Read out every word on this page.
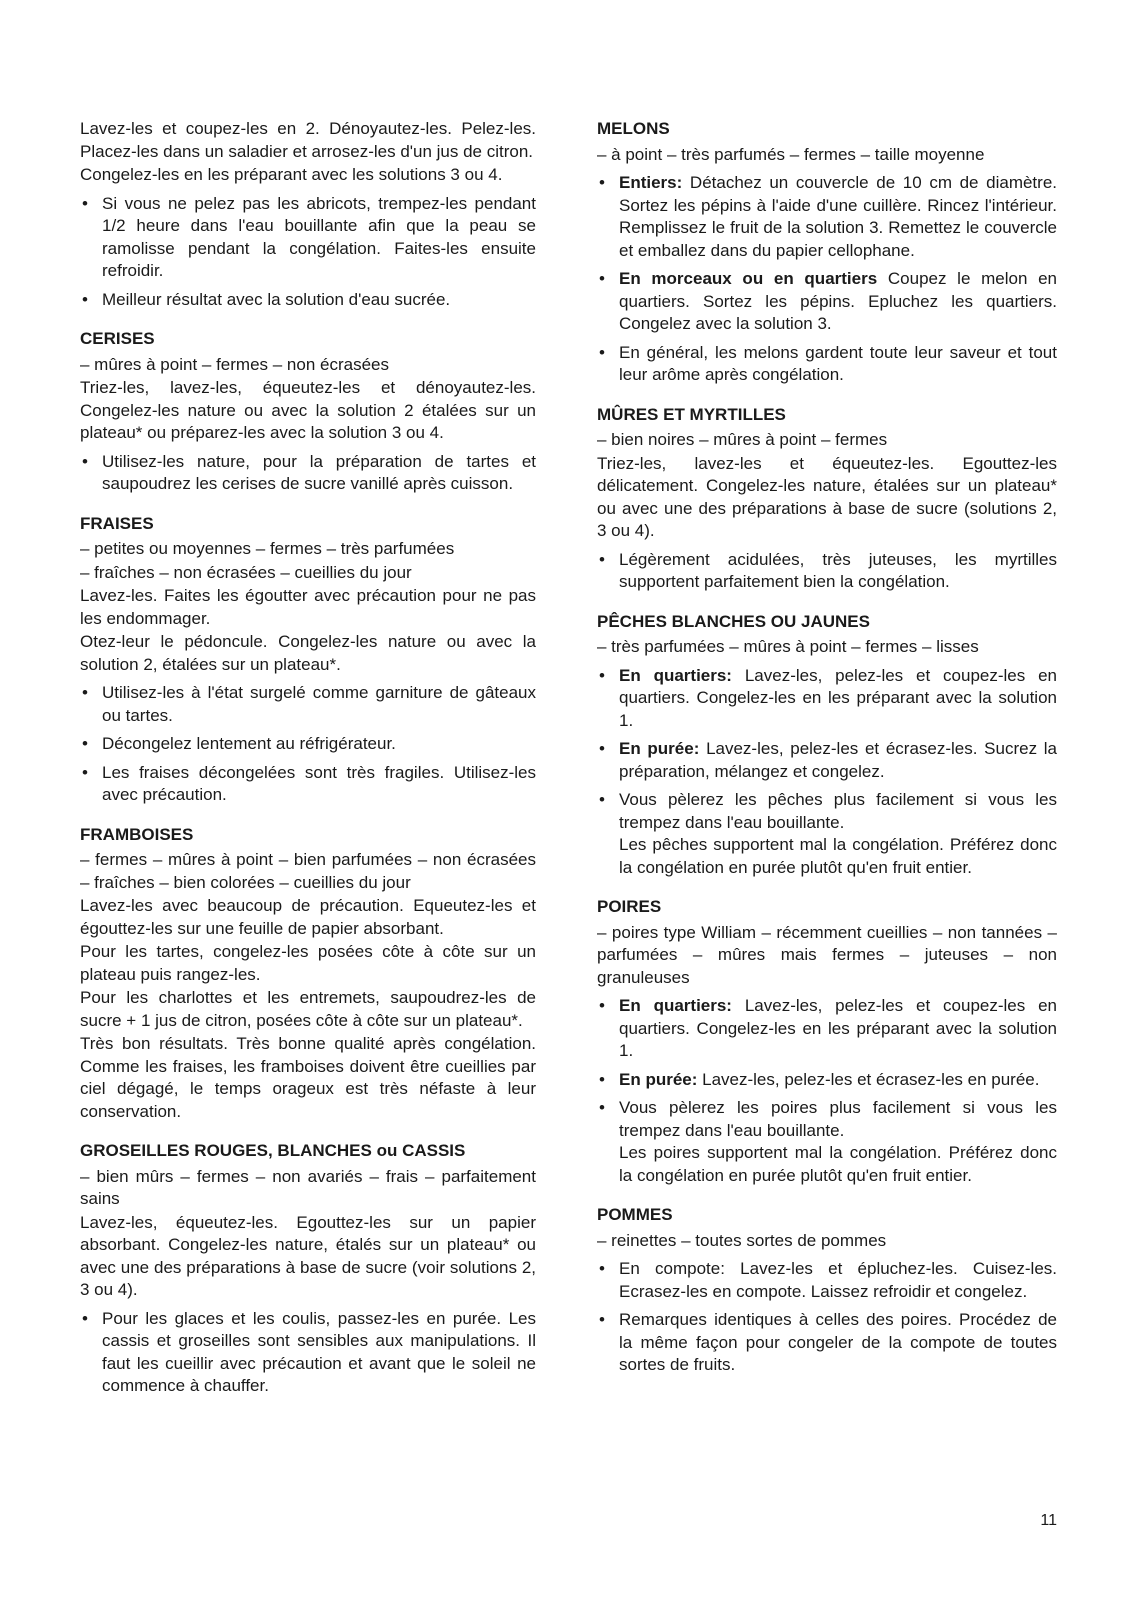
Lavez-les et coupez-les en 2. Dénoyautez-les. Pelez-les. Placez-les dans un saladier et arrosez-les d'un jus de citron.

Congelez-les en les préparant avec les solutions 3 ou 4.

• Si vous ne pelez pas les abricots, trempez-les pendant 1/2 heure dans l'eau bouillante afin que la peau se ramolisse pendant la congélation. Faites-les ensuite refroidir.
• Meilleur résultat avec la solution d'eau sucrée.
CERISES

– mûres à point – fermes – non écrasées

Triez-les, lavez-les, équeutez-les et dénoyautez-les. Congelez-les nature ou avec la solution 2 étalées sur un plateau* ou préparez-les avec la solution 3 ou 4.

• Utilisez-les nature, pour la préparation de tartes et saupoudrez les cerises de sucre vanillé après cuisson.
FRAISES

– petites ou moyennes – fermes – très parfumées

– fraîches – non écrasées – cueillies du jour

Lavez-les. Faites les égoutter avec précaution pour ne pas les endommager.

Otez-leur le pédoncule. Congelez-les nature ou avec la solution 2, étalées sur un plateau*.

• Utilisez-les à l'état surgelé comme garniture de gâteaux ou tartes.
• Décongelez lentement au réfrigérateur.
• Les fraises décongelées sont très fragiles. Utilisez-les avec précaution.
FRAMBOISES

– fermes – mûres à point – bien parfumées – non écrasées – fraîches – bien colorées – cueillies du jour

Lavez-les avec beaucoup de précaution. Equeutez-les et égouttez-les sur une feuille de papier absorbant.

Pour les tartes, congelez-les posées côte à côte sur un plateau puis rangez-les.

Pour les charlottes et les entremets, saupoudrez-les de sucre + 1 jus de citron, posées côte à côte sur un plateau*.

Très bon résultats. Très bonne qualité après congélation. Comme les fraises, les framboises doivent être cueillies par ciel dégagé, le temps orageux est très néfaste à leur conservation.

GROSEILLES ROUGES, BLANCHES ou CASSIS

– bien mûrs – fermes – non avariés – frais – parfaitement sains

Lavez-les, équeutez-les. Egouttez-les sur un papier absorbant. Congelez-les nature, étalés sur un plateau* ou avec une des préparations à base de sucre (voir solutions 2, 3 ou 4).

• Pour les glaces et les coulis, passez-les en purée. Les cassis et groseilles sont sensibles aux manipulations. Il faut les cueillir avec précaution et avant que le soleil ne commence à chauffer.
MELONS

– à point – très parfumés – fermes – taille moyenne

• Entiers: Détachez un couvercle de 10 cm de diamètre. Sortez les pépins à l'aide d'une cuillère. Rincez l'intérieur. Remplissez le fruit de la solution 3. Remettez le couvercle et emballez dans du papier cellophane.
• En morceaux ou en quartiers Coupez le melon en quartiers. Sortez les pépins. Epluchez les quartiers. Congelez avec la solution 3.
• En général, les melons gardent toute leur saveur et tout leur arôme après congélation.
MÛRES ET MYRTILLES

– bien noires – mûres à point – fermes

Triez-les, lavez-les et équeutez-les. Egouttez-les délicatement. Congelez-les nature, étalées sur un plateau* ou avec une des préparations à base de sucre (solutions 2, 3 ou 4).

• Légèrement acidulées, très juteuses, les myrtilles supportent parfaitement bien la congélation.
PÊCHES BLANCHES OU JAUNES

– très parfumées – mûres à point – fermes – lisses

• En quartiers: Lavez-les, pelez-les et coupez-les en quartiers. Congelez-les en les préparant avec la solution 1.
• En purée: Lavez-les, pelez-les et écrasez-les. Sucrez la préparation, mélangez et congelez.
• Vous pèlerez les pêches plus facilement si vous les trempez dans l'eau bouillante.
Les pêches supportent mal la congélation. Préférez donc la congélation en purée plutôt qu'en fruit entier.
POIRES

– poires type William – récemment cueillies – non tannées – parfumées – mûres mais fermes – juteuses – non granuleuses

• En quartiers: Lavez-les, pelez-les et coupez-les en quartiers. Congelez-les en les préparant avec la solution 1.
• En purée: Lavez-les, pelez-les et écrasez-les en purée.
• Vous pèlerez les poires plus facilement si vous les trempez dans l'eau bouillante.
Les poires supportent mal la congélation. Préférez donc la congélation en purée plutôt qu'en fruit entier.
POMMES

– reinettes – toutes sortes de pommes

• En compote: Lavez-les et épluchez-les. Cuisez-les. Ecrasez-les en compote. Laissez refroidir et congelez.
• Remarques identiques à celles des poires. Procédez de la même façon pour congeler de la compote de toutes sortes de fruits.
11
